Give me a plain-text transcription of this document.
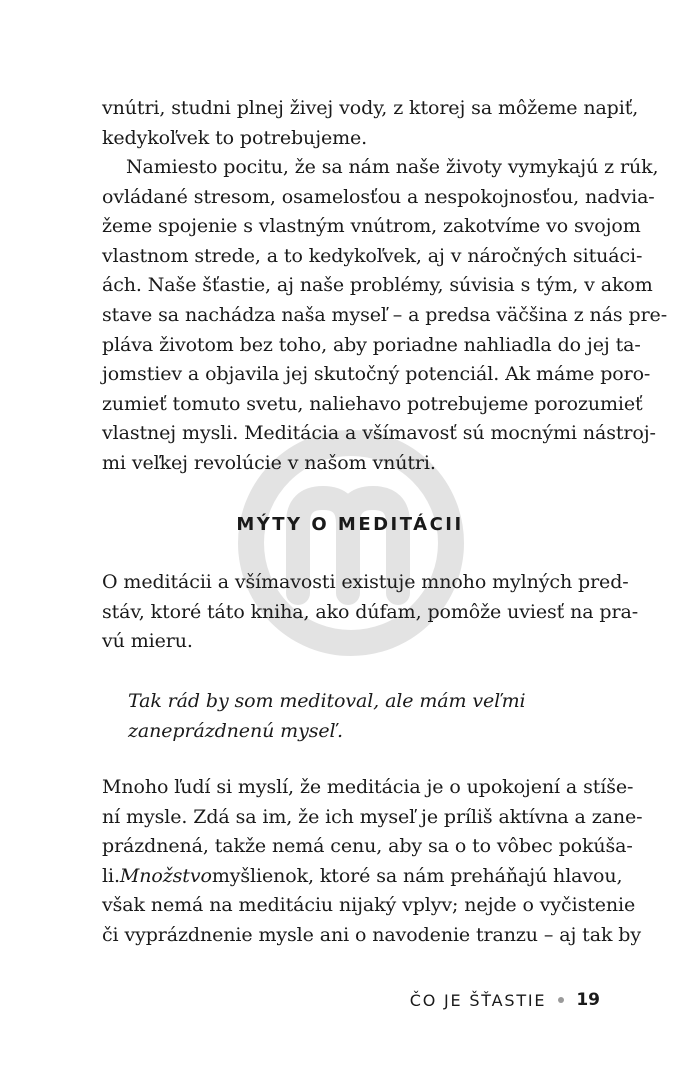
vnútri, studni plnej živej vody, z ktorej sa môžeme napiť,
kedykoľvek to potrebujeme.
Namiesto pocitu, že sa nám naše životy vymykajú z rúk,
ovládané stresom, osamelosťou a nespokojnosťou, nadvia-
žeme spojenie s vlastným vnútrom, zakotvíme vo svojom
vlastnom strede, a to kedykoľvek, aj v náročných situáci-
ách. Naše šťastie, aj naše problémy, súvisia s tým, v akom
stave sa nachádza naša myseľ – a predsa väčšina z nás pre-
pláva životom bez toho, aby poriadne nahliadla do jej ta-
jomstiev a objavila jej skutočný potenciál. Ak máme poro-
zumieť tomuto svetu, naliehavo potrebujeme porozumieť
vlastnej mysli. Meditácia a všímavosť sú mocnými nástroj-
mi veľkej revolúcie v našom vnútri.
MÝTY O MEDITÁCII
O meditácii a všímavosti existuje mnoho mylných pred-
stáv, ktoré táto kniha, ako dúfam, pomôže uviesť na pra-
vú mieru.
Tak rád by som meditoval, ale mám veľmi
zaneprázdnenú myseľ.
Mnoho ľudí si myslí, že meditácia je o upokojení a stíše-
ní mysle. Zdá sa im, že ich myseľ je príliš aktívna a zane-
prázdnená, takže nemá cenu, aby sa o to vôbec pokúša-
li. Množstvo myšlienok, ktoré sa nám preháňajú hlavou,
však nemá na meditáciu nijaký vplyv; nejde o vyčistenie
či vyprázdnenie mysle ani o navodenie tranzu – aj tak by
ČO JE ŠŤASTIE 19
